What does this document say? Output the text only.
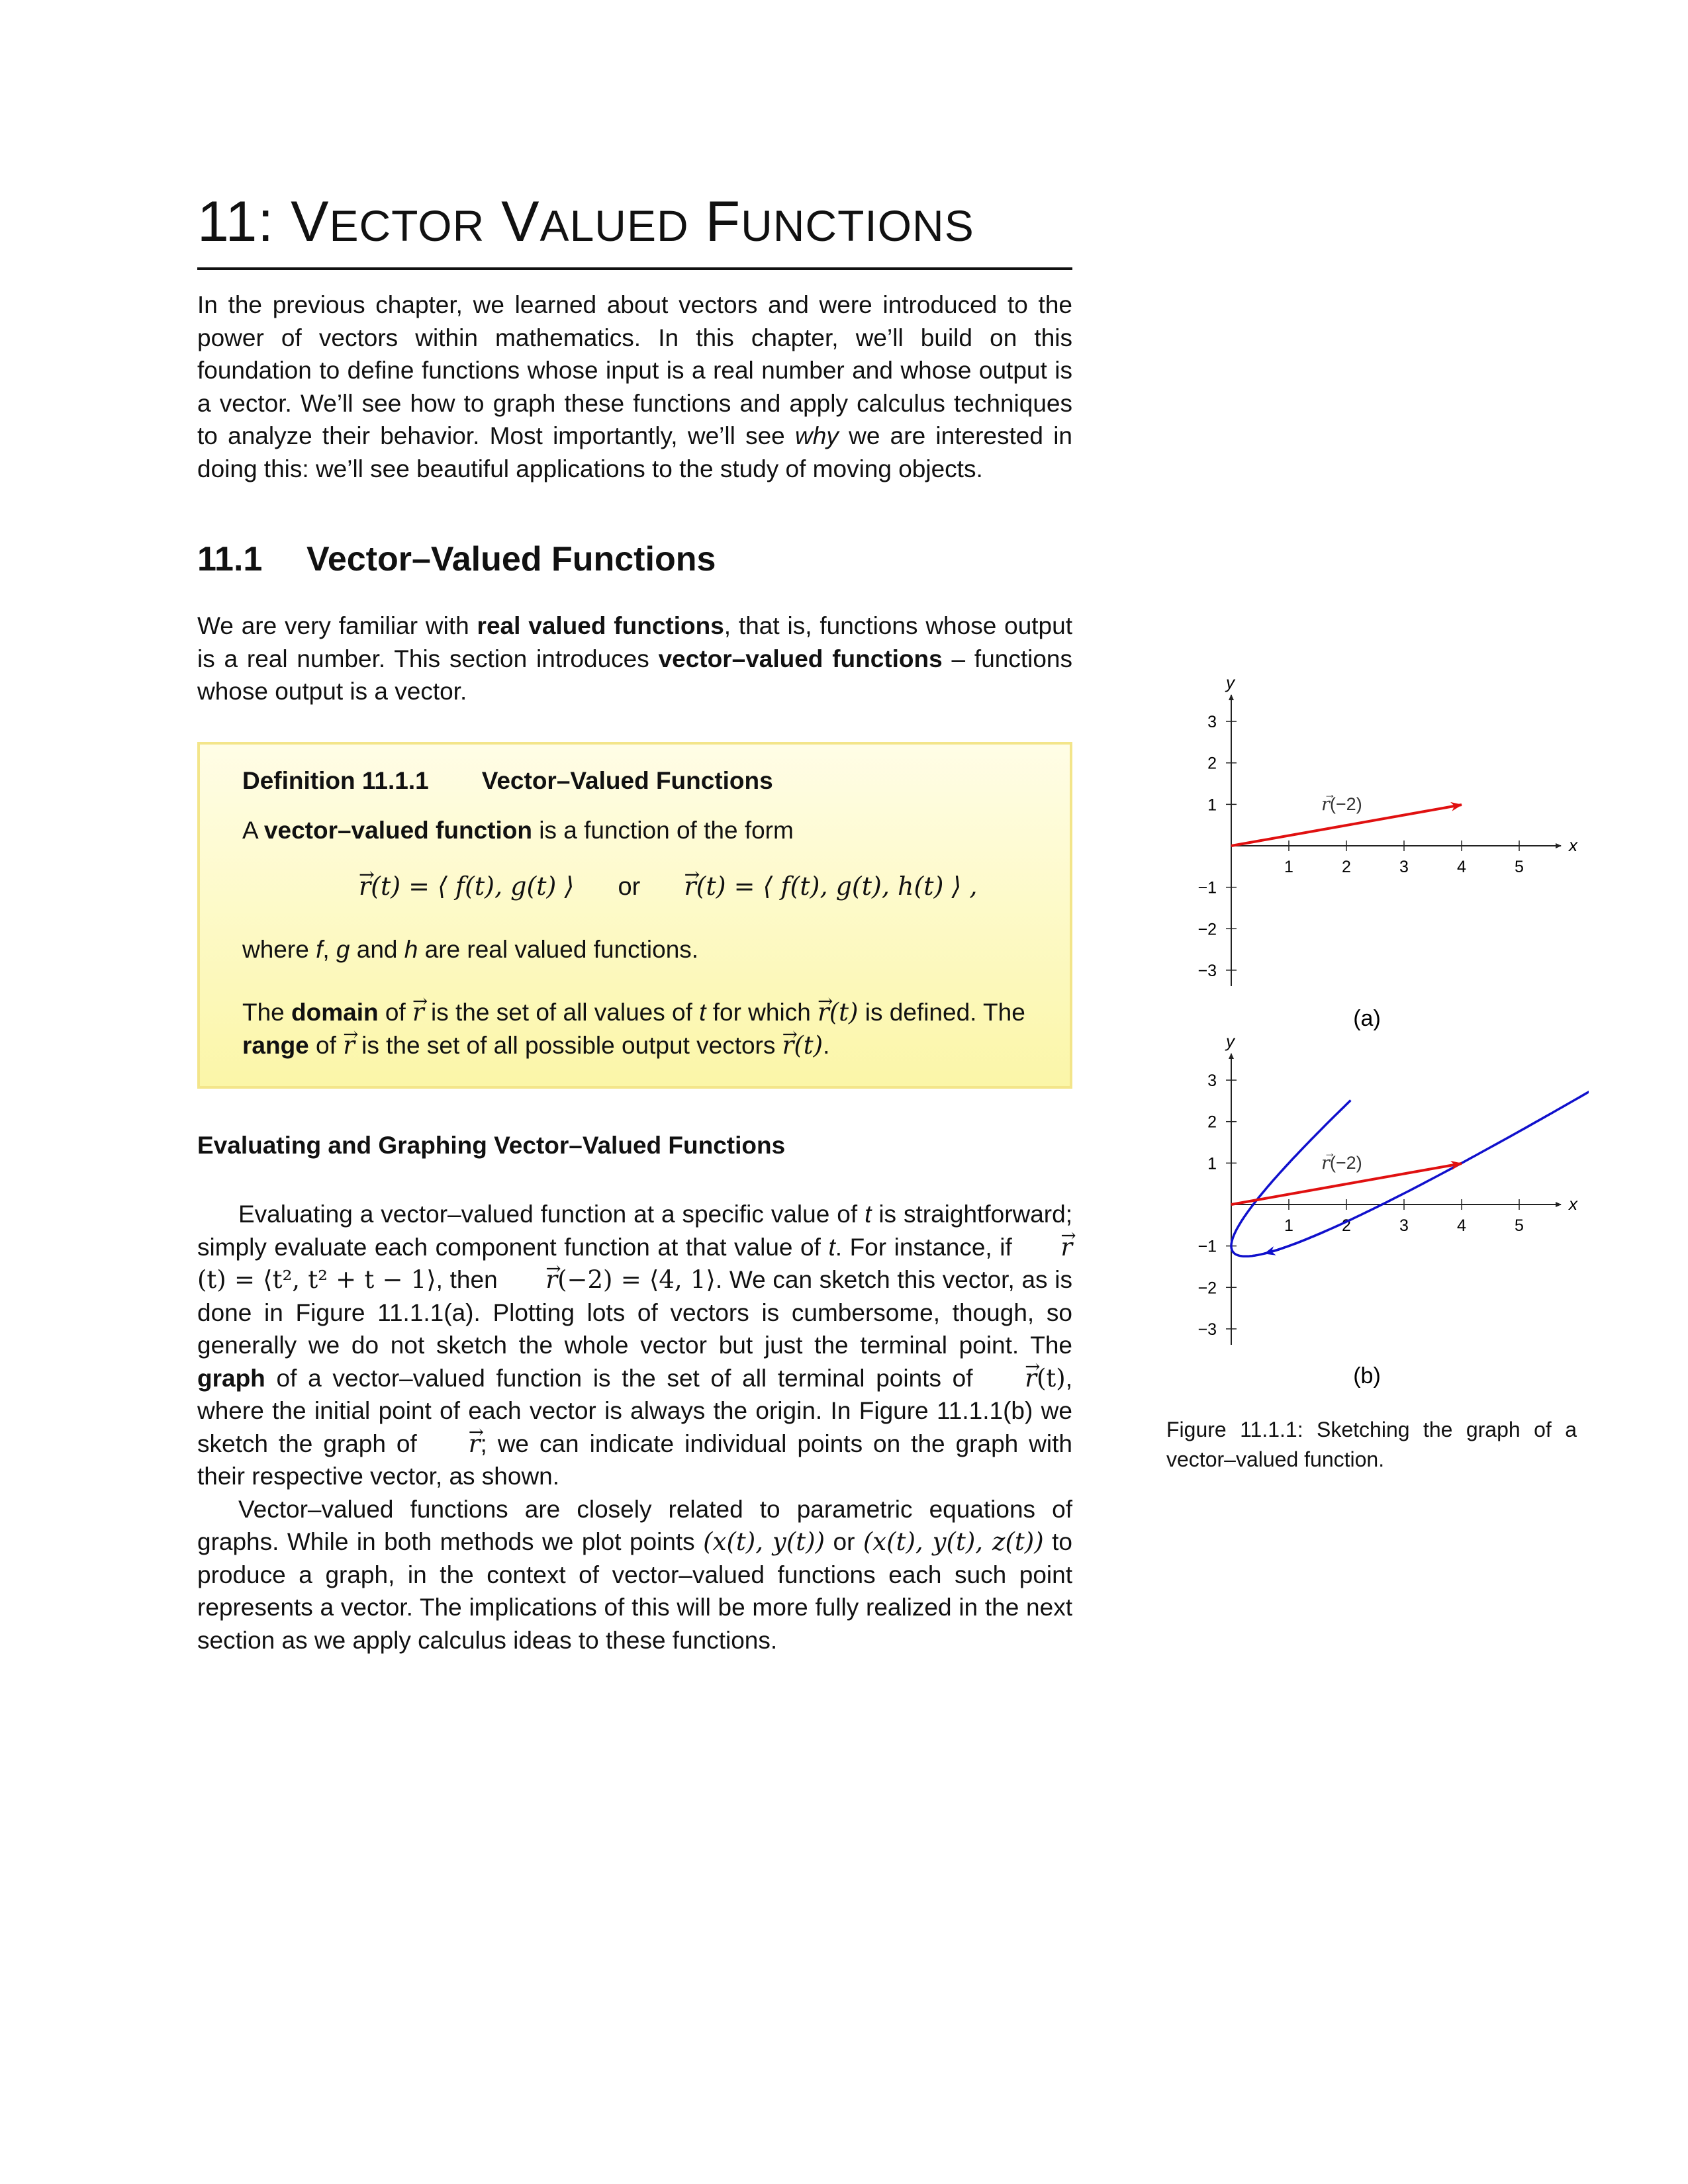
11: VECTOR VALUED FUNCTIONS

In the previous chapter, we learned about vectors and were introduced to the power of vectors within mathematics. In this chapter, we’ll build on this foundation to define functions whose input is a real number and whose output is a vector. We’ll see how to graph these functions and apply calculus techniques to analyze their behavior. Most importantly, we’ll see why we are interested in doing this: we’ll see beautiful applications to the study of moving objects.

11.1 Vector–Valued Functions

We are very familiar with real valued functions, that is, functions whose output is a real number. This section introduces vector–valued functions – functions whose output is a vector.

Definition 11.1.1 Vector–Valued Functions
A vector–valued function is a function of the form
→ r(t) = ⟨ f(t), g(t) ⟩ or  → r(t) = ⟨ f(t), g(t), h(t) ⟩ ,
where f, g and h are real valued functions.
The domain of → r is the set of all values of t for which → r(t) is defined. The
range of → r is the set of all possible output vectors → r(t).
Evaluating and Graphing Vector–Valued Functions

Evaluating a vector–valued function at a specific value of t is straightforward; simply evaluate each component function at that value of t. For instance, if → r(t) = ⟨t², t² + t − 1⟩, then → r(−2) = ⟨4, 1⟩. We can sketch this vector, as is done in Figure 11.1.1(a). Plotting lots of vectors is cumbersome, though, so generally we do not sketch the whole vector but just the terminal point. The graph of a vector–valued function is the set of all terminal points of → r(t), where the initial point of each vector is always the origin. In Figure 11.1.1(b) we sketch the graph of → r; we can indicate individual points on the graph with their respective vector, as shown.

Vector–valued functions are closely related to parametric equations of graphs. While in both methods we plot points (x(t), y(t)) or (x(t), y(t), z(t)) to produce a graph, in the context of vector–valued functions each such point represents a vector. The implications of this will be more fully realized in the next section as we apply calculus ideas to these functions.

x
y
1	2	3	4	5
3
2
1
−1
−2
−3
r(−2)
→
(a)
x
y
1	2	3	4	5
3
2
1
−1
−2
−3
r(−2)
→
(b)
Figure 11.1.1: Sketching the graph of a vector–valued function.
